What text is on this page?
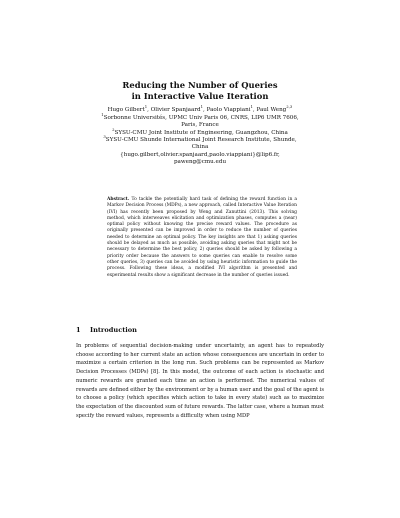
Reducing the Number of Queries
in Interactive Value Iteration
Hugo Gilbert$^1$, Olivier Spanjaard$^1$, Paolo Viappiani$^1$, Paul Weng$^{2,3}$
$^1$Sorbonne Universités, UPMC Univ Paris 06, CNRS, LIP6 UMR 7606,
Paris, France
$^2$SYSU-CMU Joint Institute of Engineering, Guangzhou, China
$^3$SYSU-CMU Shunde International Joint Research Institute, Shunde,
China
{hugo.gilbert,olivier.spanjaard,paolo.viappiani}@lip6.fr,
paweng@cmu.edu
Abstract. To tackle the potentially hard task of defining the reward function in a Markov Decision Process (MDPs), a new approach, called Interactive Value Iteration (IVI) has recently been proposed by Weng and Zanuttini (2013). This solving method, which interweaves elicitation and optimization phases, computes a (near) optimal policy without knowing the precise reward values. The procedure as originally presented can be improved in order to reduce the number of queries needed to determine an optimal policy. The key insights are that 1) asking queries should be delayed as much as possible, avoiding asking queries that might not be necessary to determine the best policy, 2) queries should be asked by following a priority order because the answers to some queries can enable to resolve some other queries, 3) queries can be avoided by using heuristic information to guide the process. Following these ideas, a modified IVI algorithm is presented and experimental results show a significant decrease in the number of queries issued.
1 Introduction
In problems of sequential decision-making under uncertainty, an agent has to repeatedly choose according to her current state an action whose consequences are uncertain in order to maximize a certain criterion in the long run. Such problems can be represented as Markov Decision Processes (MDPs) [8]. In this model, the outcome of each action is stochastic and numeric rewards are granted each time an action is performed. The numerical values of rewards are defined either by the environment or by a human user and the goal of the agent is to choose a policy (which specifies which action to take in every state) such as to maximize the expectation of the discounted sum of future rewards. The latter case, where a human must specify the reward values, represents a difficulty when using MDP
